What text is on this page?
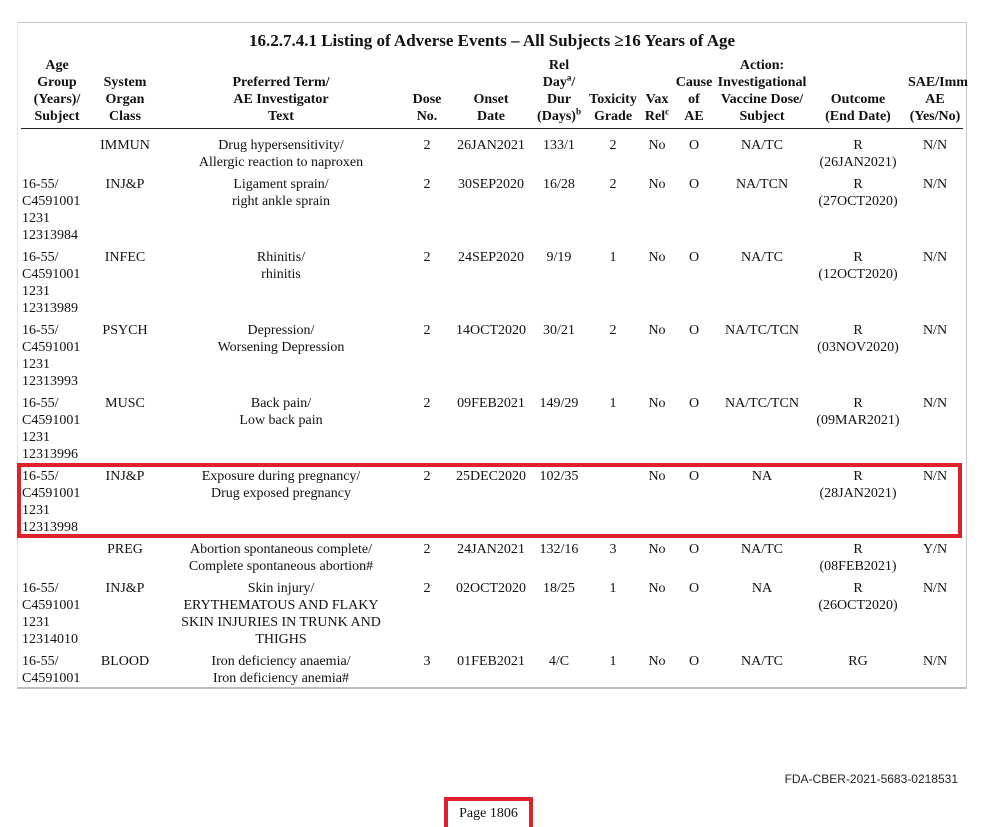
16.2.7.4.1 Listing of Adverse Events – All Subjects ≥16 Years of Age
Age
Group
(Years)/
Subject	System
Organ
Class	Preferred Term/
AE Investigator
Text	Dose
No.	Onset
Date	Rel
Day$^a$/
Dur
(Days)$^b$	Toxicity
Grade	Vax
Rel$^c$	Cause
of
AE	Action:
Investigational
Vaccine Dose/
Subject	Outcome
(End Date)	SAE/Imm
AE
(Yes/No)
	IMMUN	Drug hypersensitivity/
Allergic reaction to naproxen	2	26JAN2021	133/1	2	No	O	NA/TC	R
(26JAN2021)	N/N
16-55/
C4591001
1231
12313984	INJ&P	Ligament sprain/
right ankle sprain	2	30SEP2020	16/28	2	No	O	NA/TCN	R
(27OCT2020)	N/N
16-55/
C4591001
1231
12313989	INFEC	Rhinitis/
rhinitis	2	24SEP2020	9/19	1	No	O	NA/TC	R
(12OCT2020)	N/N
16-55/
C4591001
1231
12313993	PSYCH	Depression/
Worsening Depression	2	14OCT2020	30/21	2	No	O	NA/TC/TCN	R
(03NOV2020)	N/N
16-55/
C4591001
1231
12313996	MUSC	Back pain/
Low back pain	2	09FEB2021	149/29	1	No	O	NA/TC/TCN	R
(09MAR2021)	N/N
16-55/
C4591001
1231
12313998	INJ&P	Exposure during pregnancy/
Drug exposed pregnancy	2	25DEC2020	102/35		No	O	NA	R
(28JAN2021)	N/N
	PREG	Abortion spontaneous complete/
Complete spontaneous abortion#	2	24JAN2021	132/16	3	No	O	NA/TC	R
(08FEB2021)	Y/N
16-55/
C4591001
1231
12314010	INJ&P	Skin injury/
ERYTHEMATOUS AND FLAKY
SKIN INJURIES IN TRUNK AND
THIGHS	2	02OCT2020	18/25	1	No	O	NA	R
(26OCT2020)	N/N
16-55/
C4591001	BLOOD	Iron deficiency anaemia/
Iron deficiency anemia#	3	01FEB2021	4/C	1	No	O	NA/TC	RG	N/N
FDA-CBER-2021-5683-0218531
Page 1806
